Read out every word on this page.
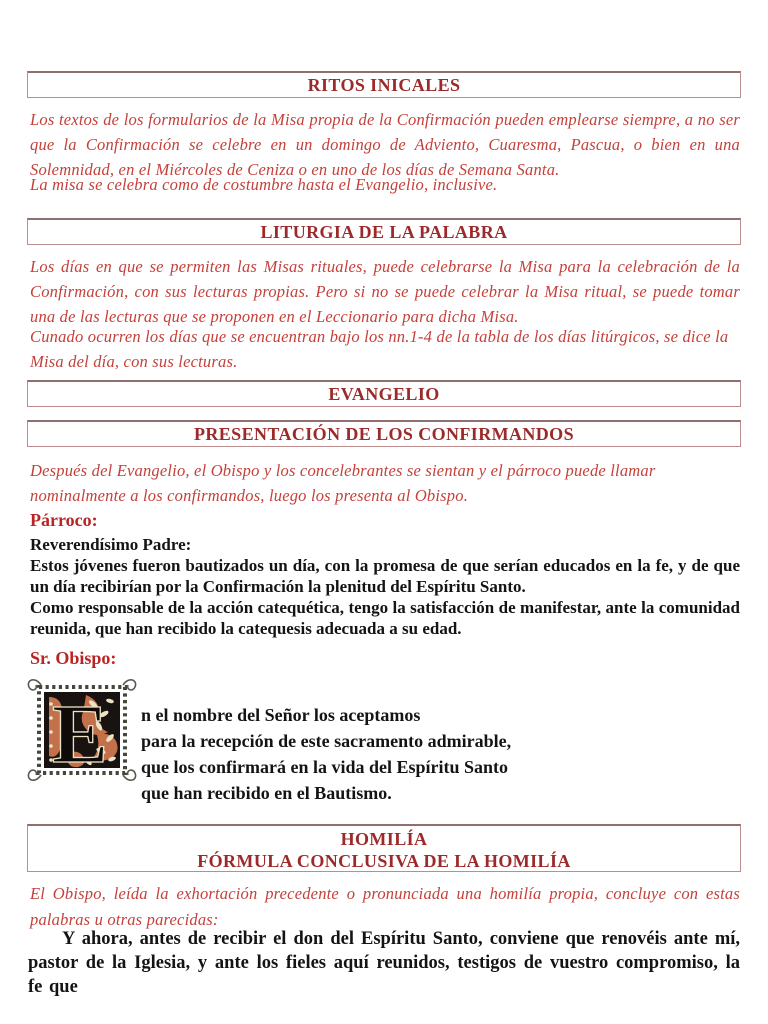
RITOS INICALES
Los textos de los formularios de la Misa propia de la Confirmación pueden emplearse siempre, a no ser que la Confirmación se celebre en un domingo de Adviento, Cuaresma, Pascua, o bien en una Solemnidad, en el Miércoles de Ceniza o en uno de los días de Semana Santa.
La misa se celebra como de costumbre hasta el Evangelio, inclusive.
LITURGIA DE LA PALABRA
Los días en que se permiten las Misas rituales, puede celebrarse la Misa para la celebración de la Confirmación, con sus lecturas propias. Pero si no se puede celebrar la Misa ritual, se puede tomar una de las lecturas que se proponen en el Leccionario para dicha Misa.
Cunado ocurren los días que se encuentran bajo los nn.1-4 de la tabla de los días litúrgicos, se dice la Misa del día, con sus lecturas.
EVANGELIO
PRESENTACIÓN DE LOS CONFIRMANDOS
Después del Evangelio, el Obispo y los concelebrantes se sientan y el párroco puede llamar nominalmente a los confirmandos, luego los presenta al Obispo.
Párroco:
Reverendísimo Padre:
Estos jóvenes fueron bautizados un día, con la promesa de que serían educados en la fe, y de que un día recibirían por la Confirmación la plenitud del Espíritu Santo.
Como responsable de la acción catequética, tengo la satisfacción de manifestar, ante la comunidad reunida, que han recibido la catequesis adecuada a su edad.
Sr. Obispo:
E n el nombre del Señor los aceptamos
para la recepción de este sacramento admirable,
que los confirmará en la vida del Espíritu Santo
que han recibido en el Bautismo.
HOMILÍA
FÓRMULA CONCLUSIVA DE LA HOMILÍA
El Obispo, leída la exhortación precedente o pronunciada una homilía propia, concluye con estas palabras u otras parecidas:
Y ahora, antes de recibir el don del Espíritu Santo, conviene que renovéis ante mí, pastor de la Iglesia, y ante los fieles aquí reunidos, testigos de vuestro compromiso, la fe que
